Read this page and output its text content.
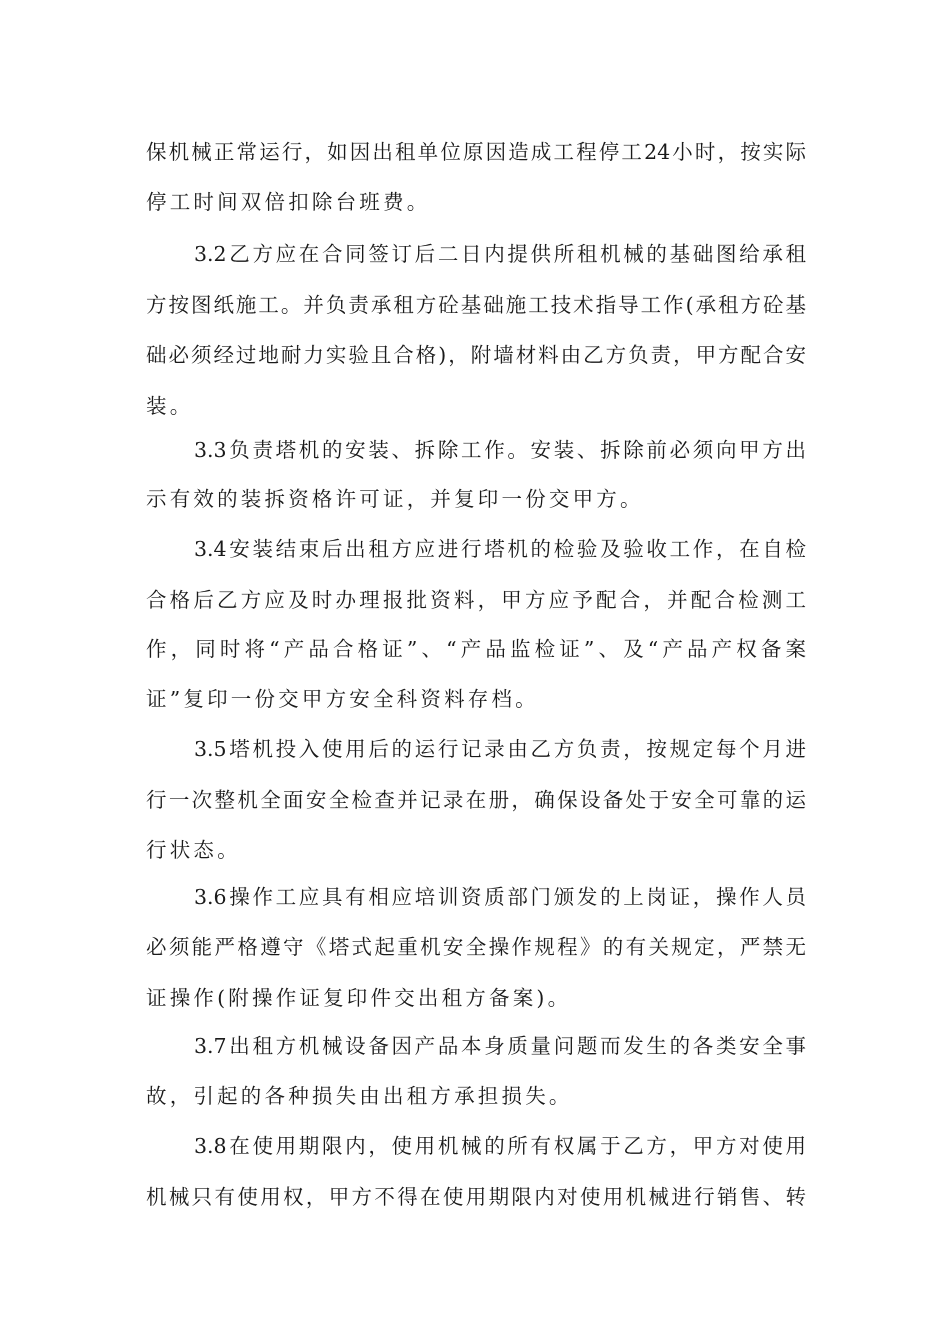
保机械正常运行，如因出租单位原因造成工程停工24小时，按实际
停工时间双倍扣除台班费。
3.2乙方应在合同签订后二日内提供所租机械的基础图给承租
方按图纸施工。并负责承租方砼基础施工技术指导工作(承租方砼基
础必须经过地耐力实验且合格)，附墙材料由乙方负责，甲方配合安
装。
3.3负责塔机的安装、拆除工作。安装、拆除前必须向甲方出
示有效的装拆资格许可证，并复印一份交甲方。
3.4安装结束后出租方应进行塔机的检验及验收工作，在自检
合格后乙方应及时办理报批资料，甲方应予配合，并配合检测工
作，同时将“产品合格证”、“产品监检证”、及“产品产权备案
证”复印一份交甲方安全科资料存档。
3.5塔机投入使用后的运行记录由乙方负责，按规定每个月进
行一次整机全面安全检查并记录在册，确保设备处于安全可靠的运
行状态。
3.6操作工应具有相应培训资质部门颁发的上岗证，操作人员
必须能严格遵守《塔式起重机安全操作规程》的有关规定，严禁无
证操作(附操作证复印件交出租方备案)。
3.7出租方机械设备因产品本身质量问题而发生的各类安全事
故，引起的各种损失由出租方承担损失。
3.8在使用期限内，使用机械的所有权属于乙方，甲方对使用
机械只有使用权，甲方不得在使用期限内对使用机械进行销售、转
